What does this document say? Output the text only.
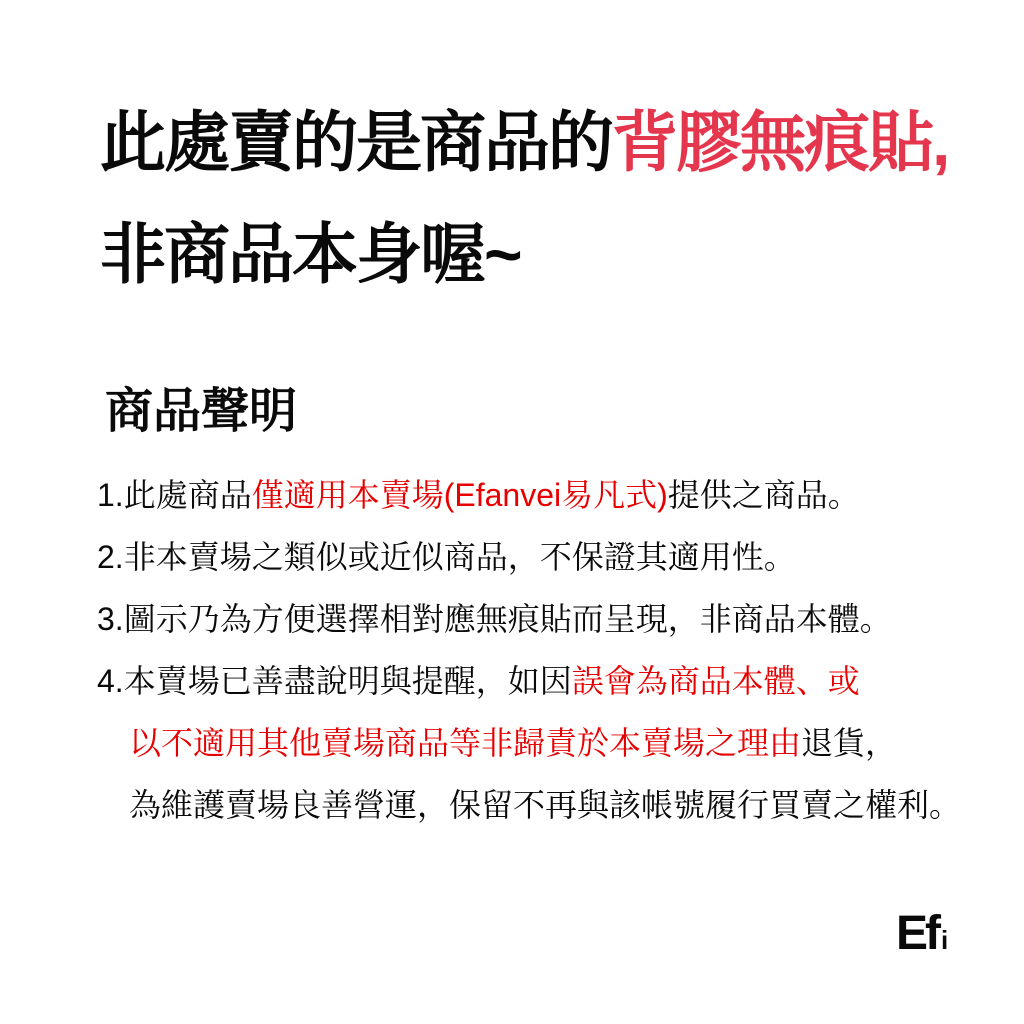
此處賣的是商品的背膠無痕貼,
非商品本身喔~
商品聲明

1.此處商品僅適用本賣場(Efanvei易凡式)提供之商品。

2.非本賣場之類似或近似商品，不保證其適用性。

3.圖示乃為方便選擇相對應無痕貼而呈現，非商品本體。

4.本賣場已善盡說明與提醒，如因誤會為商品本體、或

以不適用其他賣場商品等非歸責於本賣場之理由退貨，

為維護賣場良善營運，保留不再與該帳號履行買賣之權利。

Ef i
